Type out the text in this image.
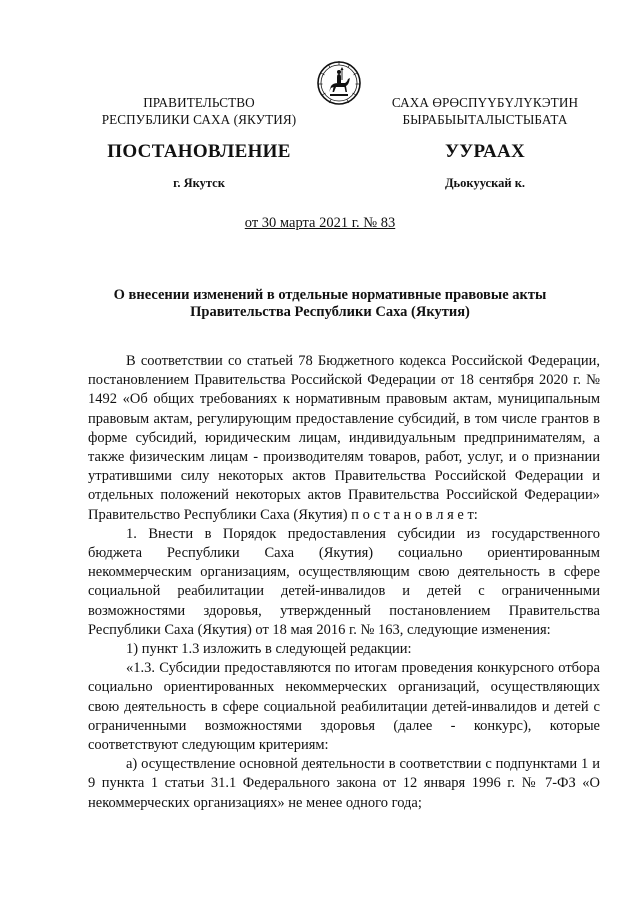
ПРАВИТЕЛЬСТВО
РЕСПУБЛИКИ САХА (ЯКУТИЯ)
САХА ӨРӨСПҮҮБҮЛҮКЭТИН
БЫРАБЫЫТАЛЫСТЫБАТА
ПОСТАНОВЛЕНИЕ	УУРААХ
г. Якутск	Дьокуускай к.
от 30 марта 2021 г. № 83
О внесении изменений в отдельные нормативные правовые акты
Правительства Республики Саха (Якутия)

В соответствии со статьей 78 Бюджетного кодекса Российской Федерации, постановлением Правительства Российской Федерации от 18 сентября 2020 г. № 1492 «Об общих требованиях к нормативным правовым актам, муниципальным правовым актам, регулирующим предоставление субсидий, в том числе грантов в форме субсидий, юридическим лицам, индивидуальным предпринимателям, а также физическим лицам - производителям товаров, работ, услуг, и о признании утратившими силу некоторых актов Правительства Российской Федерации и отдельных положений некоторых актов Правительства Российской Федерации» Правительство Республики Саха (Якутия) п о с т а н о в л я е т:

1. Внести в Порядок предоставления субсидии из государственного бюджета Республики Саха (Якутия) социально ориентированным некоммерческим организациям, осуществляющим свою деятельность в сфере социальной реабилитации детей-инвалидов и детей с ограниченными возможностями здоровья, утвержденный постановлением Правительства Республики Саха (Якутия) от 18 мая 2016 г. № 163, следующие изменения:

1) пункт 1.3 изложить в следующей редакции:

«1.3. Субсидии предоставляются по итогам проведения конкурсного отбора социально ориентированных некоммерческих организаций, осуществляющих свою деятельность в сфере социальной реабилитации детей-инвалидов и детей с ограниченными возможностями здоровья (далее - конкурс), которые соответствуют следующим критериям:

а) осуществление основной деятельности в соответствии с подпунктами 1 и 9 пункта 1 статьи 31.1 Федерального закона от 12 января 1996 г. № 7-ФЗ «О некоммерческих организациях» не менее одного года;
